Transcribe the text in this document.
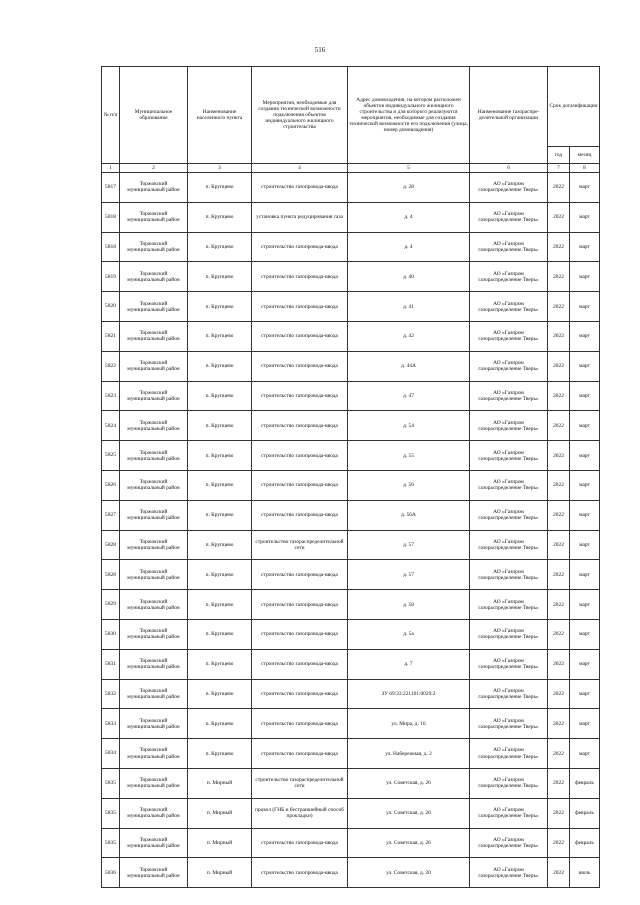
516
№ п/п	Муниципальное образование	Наименование населенного пункта	Мероприятия, необходимые для создания технической возможности подключения объектов индивидуального жилищного строительства	Адрес домовладения, на котором расположен объектов индивидуального жилищного строительства и для которого реализуются мероприятия, необходимые для создания технической возможности его подключения (улица, номер домовладения)	Наименование газораспре- делительной организации	Срок догазификации	
						год	месяц
1	2	3	4	5	6	7	8
5817	Торжокский муниципальный район	п. Крупцево	строительство газопровода-ввода	д. 28	АО «Газпром газораспределение Тверь»	2022	март
5818	Торжокский муниципальный район	п. Крупцево	установка пункта редуцирования газа	д. 4	АО «Газпром газораспределение Тверь»	2022	март
5818	Торжокский муниципальный район	п. Крупцево	строительство газопровода-ввода	д. 4	АО «Газпром газораспределение Тверь»	2022	март
5819	Торжокский муниципальный район	п. Крупцево	строительство газопровода-ввода	д. 40	АО «Газпром газораспределение Тверь»	2022	март
5820	Торжокский муниципальный район	п. Крупцево	строительство газопровода-ввода	д. 41	АО «Газпром газораспределение Тверь»	2022	март
5821	Торжокский муниципальный район	п. Крупцево	строительство газопровода-ввода	д. 42	АО «Газпром газораспределение Тверь»	2022	март
5822	Торжокский муниципальный район	п. Крупцево	строительство газопровода-ввода	д. 44А	АО «Газпром газораспределение Тверь»	2022	март
5823	Торжокский муниципальный район	п. Крупцево	строительство газопровода-ввода	д. 47	АО «Газпром газораспределение Тверь»	2022	март
5824	Торжокский муниципальный район	п. Крупцево	строительство газопровода-ввода	д. 54	АО «Газпром газораспределение Тверь»	2022	март
5825	Торжокский муниципальный район	п. Крупцево	строительство газопровода-ввода	д. 55	АО «Газпром газораспределение Тверь»	2022	март
5826	Торжокский муниципальный район	п. Крупцево	строительство газопровода-ввода	д. 56	АО «Газпром газораспределение Тверь»	2022	март
5827	Торжокский муниципальный район	п. Крупцево	строительство газопровода-ввода	д. 56А	АО «Газпром газораспределение Тверь»	2022	март
5828	Торжокский муниципальный район	п. Крупцево	строительство газораспределительной сети	д. 57	АО «Газпром газораспределение Тверь»	2022	март
5828	Торжокский муниципальный район	п. Крупцево	строительство газопровода-ввода	д. 57	АО «Газпром газораспределение Тверь»	2022	март
5829	Торжокский муниципальный район	п. Крупцево	строительство газопровода-ввода	д. 58	АО «Газпром газораспределение Тверь»	2022	март
5830	Торжокский муниципальный район	п. Крупцево	строительство газопровода-ввода	д. 5а	АО «Газпром газораспределение Тверь»	2022	март
5831	Торжокский муниципальный район	п. Крупцево	строительство газопровода-ввода	д. 7	АО «Газпром газораспределение Тверь»	2022	март
5832	Торжокский муниципальный район	п. Крупцево	строительство газопровода-ввода	ЗУ 69:33:221101:0029:2	АО «Газпром газораспределение Тверь»	2022	март
5833	Торжокский муниципальный район	п. Крупцево	строительство газопровода-ввода	ул. Мира, д. 16	АО «Газпром газораспределение Тверь»	2022	март
5834	Торжокский муниципальный район	п. Крупцево	строительство газопровода-ввода	ул. Набережная, д. 2	АО «Газпром газораспределение Тверь»	2022	март
5835	Торжокский муниципальный район	п. Мирный	строительство газораспределительной сети	ул. Советская, д. 26	АО «Газпром газораспределение Тверь»	2022	февраль
5835	Торжокский муниципальный район	п. Мирный	прокол (ГНБ и бестраншейный способ прокладки)	ул. Советская, д. 26	АО «Газпром газораспределение Тверь»	2022	февраль
5835	Торжокский муниципальный район	п. Мирный	строительство газопровода-ввода	ул. Советская, д. 26	АО «Газпром газораспределение Тверь»	2022	февраль
5836	Торжокский муниципальный район	п. Мирный	строительство газопровода-ввода	ул. Советская, д. 20	АО «Газпром газораспределение Тверь»	2022	июль
